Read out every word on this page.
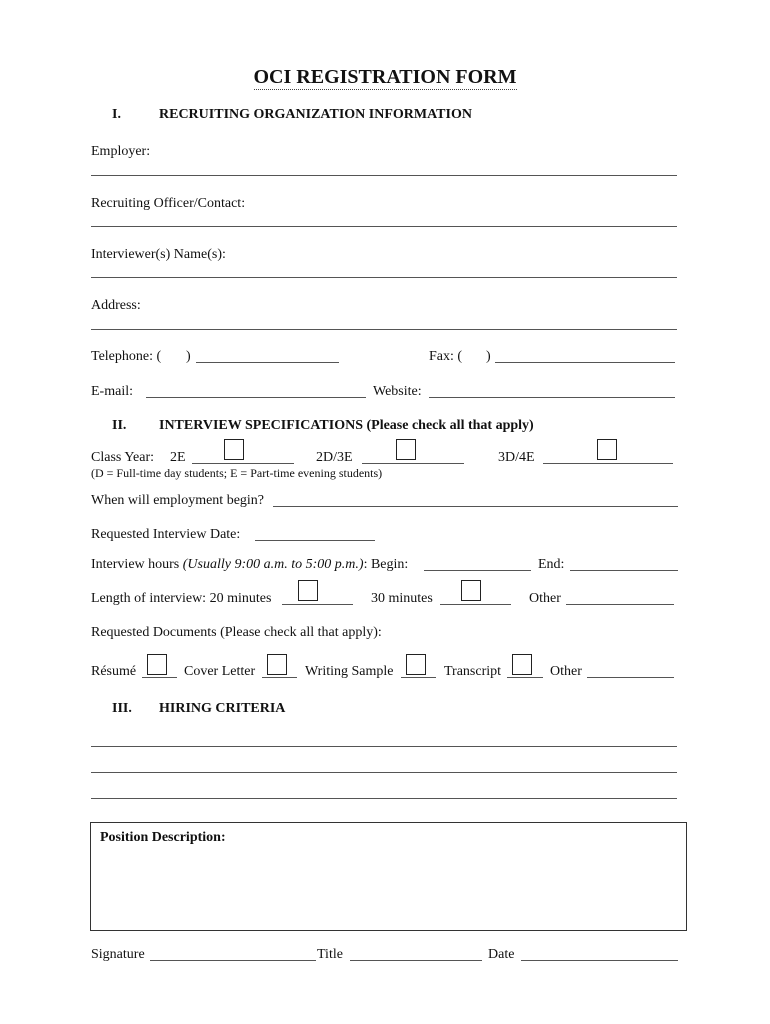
OCI REGISTRATION FORM
I.	RECRUITING ORGANIZATION INFORMATION
Employer:
Recruiting Officer/Contact:
Interviewer(s) Name(s):
Address:
Telephone: ( )	Fax: ( )
E-mail:	Website:
II. INTERVIEW SPECIFICATIONS (Please check all that apply)
Class Year: 2E	2D/3E	3D/4E
(D = Full-time day students; E = Part-time evening students)
When will employment begin?
Requested Interview Date:
Interview hours (Usually 9:00 a.m. to 5:00 p.m.): Begin:	End:
Length of interview: 20 minutes	30 minutes	Other
Requested Documents (Please check all that apply):
Résumé	Cover Letter	Writing Sample	Transcript	Other
III. HIRING CRITERIA
Position Description:
Signature	Title	Date
